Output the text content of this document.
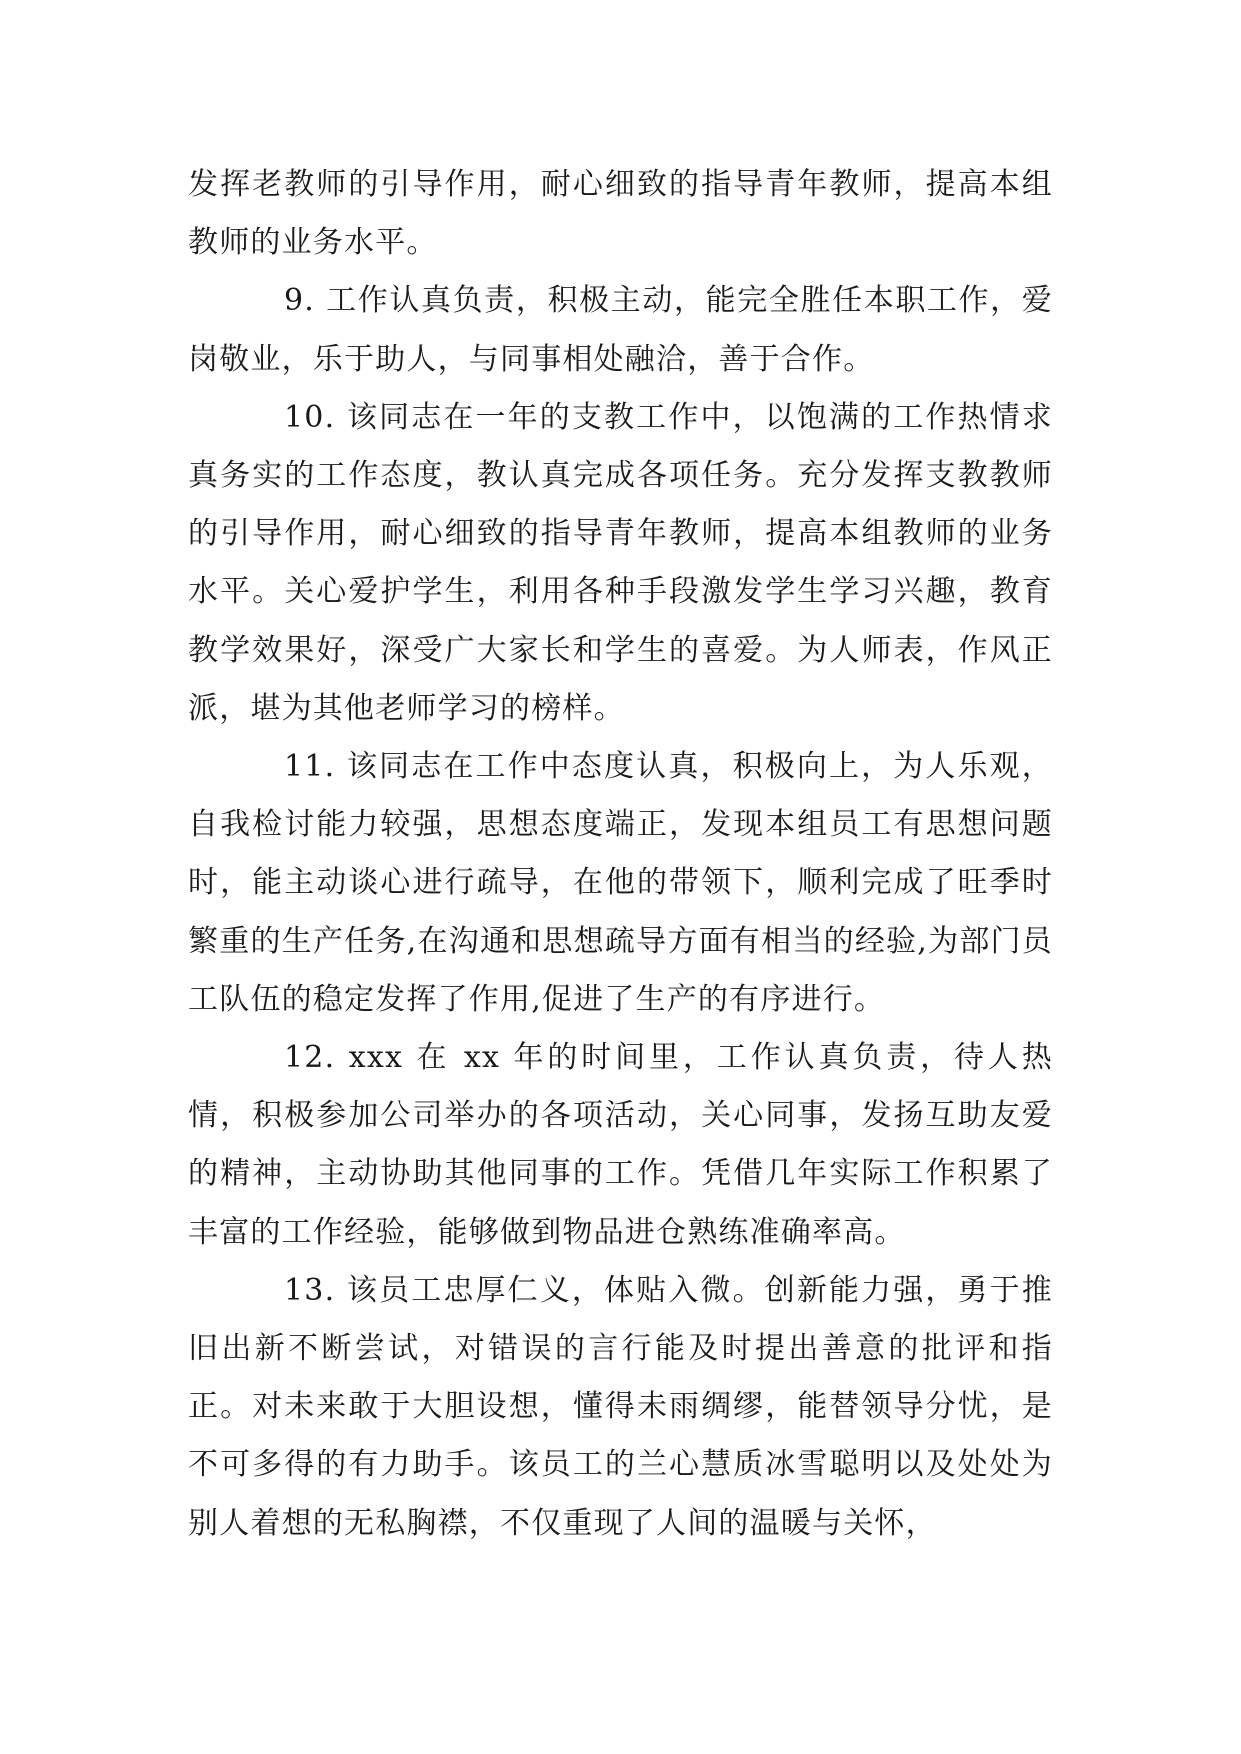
发挥老教师的引导作用，耐心细致的指导青年教师，提高本组教师的业务水平。

9. 工作认真负责，积极主动，能完全胜任本职工作，爱岗敬业，乐于助人，与同事相处融洽，善于合作。

10. 该同志在一年的支教工作中，以饱满的工作热情求真务实的工作态度，教认真完成各项任务。充分发挥支教教师的引导作用，耐心细致的指导青年教师，提高本组教师的业务水平。关心爱护学生，利用各种手段激发学生学习兴趣，教育教学效果好，深受广大家长和学生的喜爱。为人师表，作风正派，堪为其他老师学习的榜样。

11. 该同志在工作中态度认真，积极向上，为人乐观，自我检讨能力较强，思想态度端正，发现本组员工有思想问题时，能主动谈心进行疏导，在他的带领下，顺利完成了旺季时繁重的生产任务,在沟通和思想疏导方面有相当的经验,为部门员工队伍的稳定发挥了作用,促进了生产的有序进行。

12. xxx 在 xx 年的时间里，工作认真负责，待人热情，积极参加公司举办的各项活动，关心同事，发扬互助友爱的精神，主动协助其他同事的工作。凭借几年实际工作积累了丰富的工作经验，能够做到物品进仓熟练准确率高。

13. 该员工忠厚仁义，体贴入微。创新能力强，勇于推旧出新不断尝试，对错误的言行能及时提出善意的批评和指正。对未来敢于大胆设想，懂得未雨绸缪，能替领导分忧，是不可多得的有力助手。该员工的兰心慧质冰雪聪明以及处处为别人着想的无私胸襟，不仅重现了人间的温暖与关怀，
